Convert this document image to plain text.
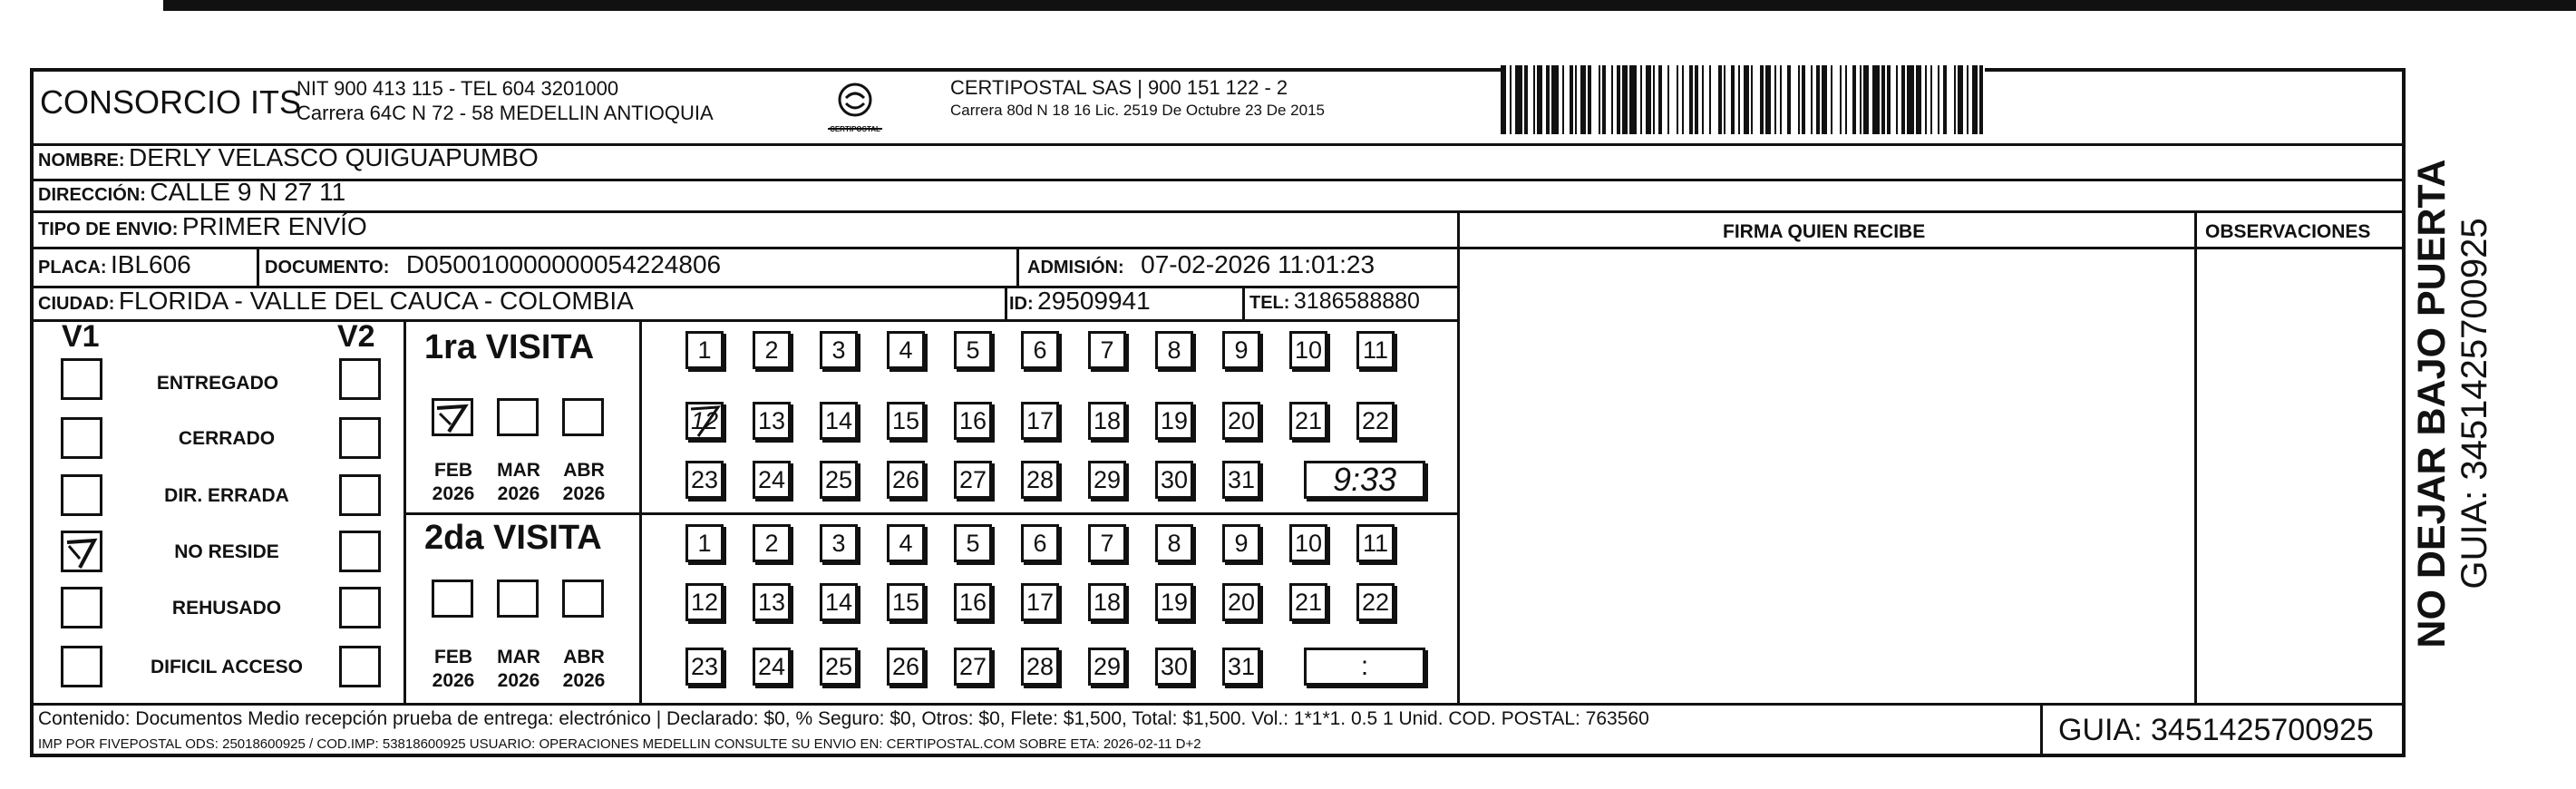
CONSORCIO ITS
NIT 900 413 115 - TEL 604 3201000
Carrera 64C N 72 - 58 MEDELLIN ANTIOQUIA
CERTIPOSTAL
CERTIPOSTAL SAS | 900 151 122 - 2
Carrera 80d N 18 16 Lic. 2519 De Octubre 23 De 2015
NOMBRE: DERLY VELASCO QUIGUAPUMBO
DIRECCIÓN: CALLE 9 N 27 11
TIPO DE ENVIO: PRIMER ENVÍO	FIRMA QUIEN RECIBE	OBSERVACIONES
PLACA: IBL606	DOCUMENTO: D050010000000054224806	ADMISIÓN: 07-02-2026 11:01:23
CIUDAD: FLORIDA - VALLE DEL CAUCA - COLOMBIA	ID: 29509941	TEL: 3186588880
V1	V2
ENTREGADO
CERRADO
DIR. ERRADA
NO RESIDE
REHUSADO
DIFICIL ACCESO
1ra VISITA
2da VISITA
FEB
2026
MAR
2026
ABR
2026
1	2	3	4	5	6	7	8	9	10 11
12 13 14 15 16 17 18 19 20 21 22
23 24 25 26 27 28 29 30 31	9:33
FEB
2026
MAR
2026
ABR
2026
1	2	3	4	5	6	7	8	9	10 11
12 13 14 15 16 17 18 19 20 21 22
23 24 25 26 27 28 29 30 31	:
Contenido: Documentos Medio recepción prueba de entrega: electrónico | Declarado: $0, % Seguro: $0, Otros: $0, Flete: $1,500, Total: $1,500. Vol.: 1*1*1. 0.5 1 Unid. COD. POSTAL: 763560
IMP POR FIVEPOSTAL ODS: 25018600925 / COD.IMP: 53818600925 USUARIO: OPERACIONES MEDELLIN CONSULTE SU ENVIO EN: CERTIPOSTAL.COM SOBRE ETA: 2026-02-11 D+2	GUIA: 3451425700925
NO DEJAR BAJO PUERTA GUIA: 3451425700925
